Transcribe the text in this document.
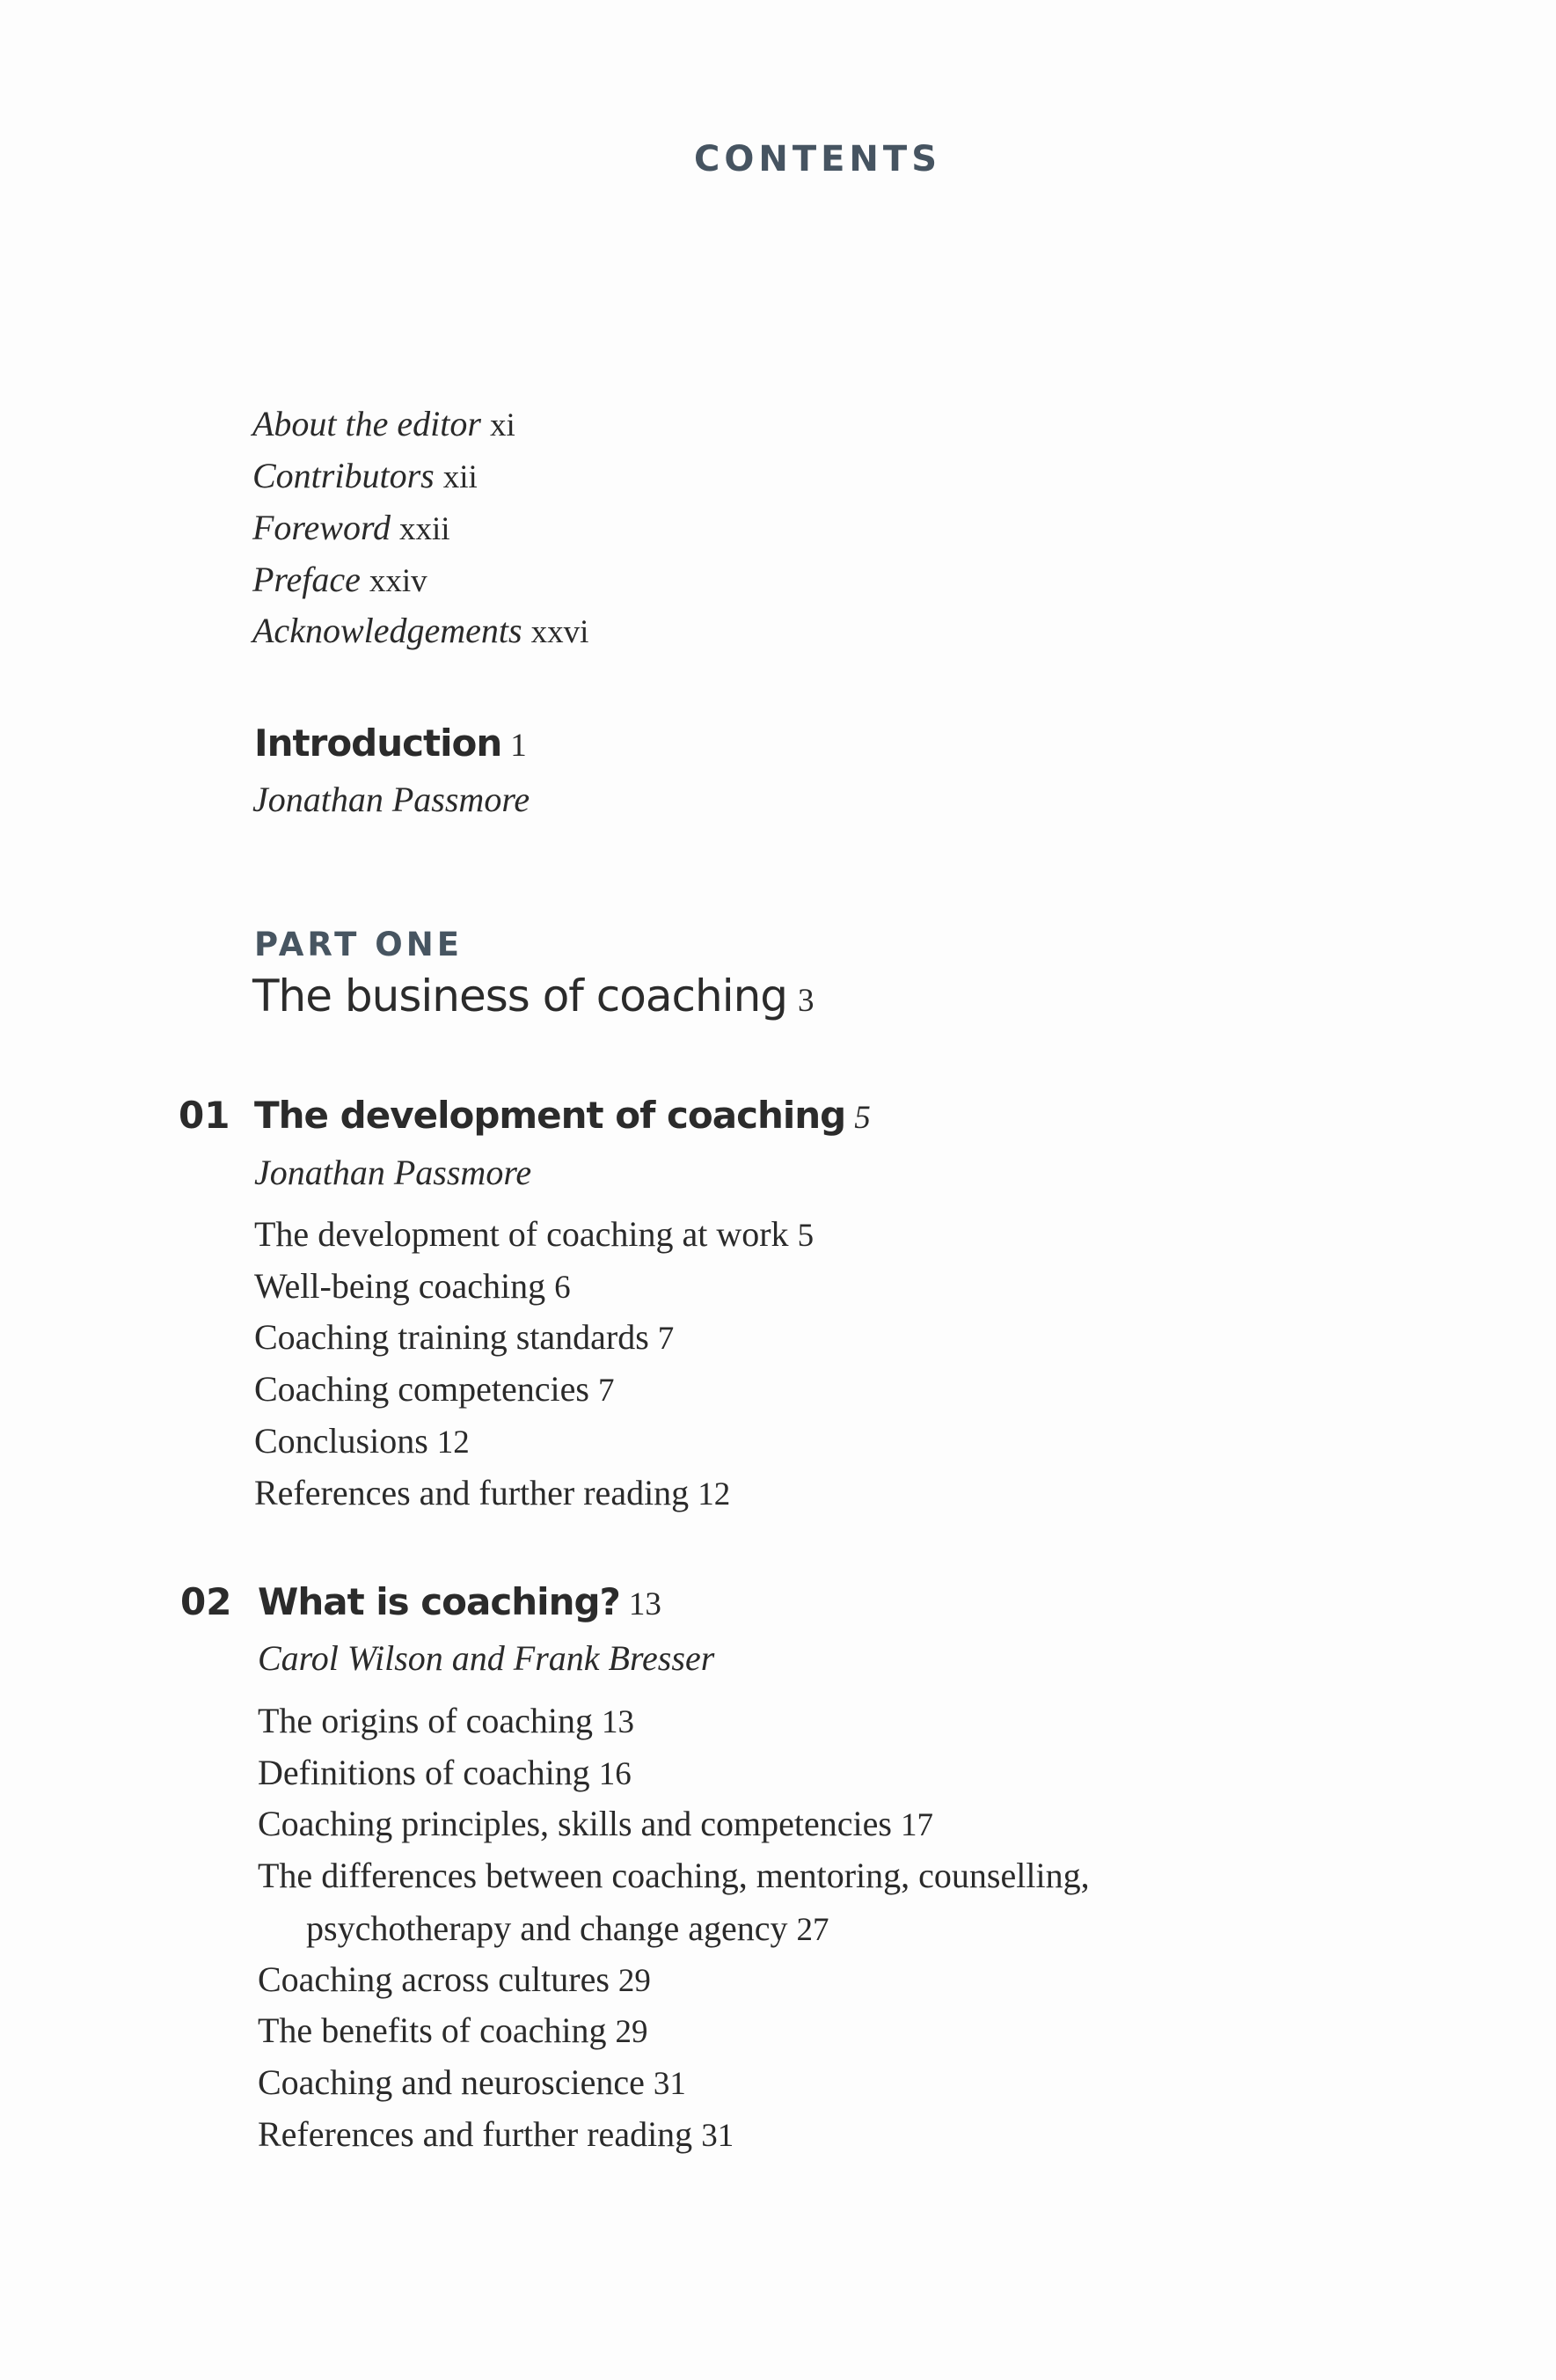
CONTENTS
About the editor xi
Contributors xii
Foreword xxii
Preface xxiv
Acknowledgements xxvi
Introduction 1
Jonathan Passmore
PART ONE
The business of coaching 3
01 The development of coaching 5
Jonathan Passmore
The development of coaching at work 5
Well-being coaching 6
Coaching training standards 7
Coaching competencies 7
Conclusions 12
References and further reading 12
02 What is coaching? 13
Carol Wilson and Frank Bresser
The origins of coaching 13
Definitions of coaching 16
Coaching principles, skills and competencies 17
The differences between coaching, mentoring, counselling,
psychotherapy and change agency 27
Coaching across cultures 29
The benefits of coaching 29
Coaching and neuroscience 31
References and further reading 31
